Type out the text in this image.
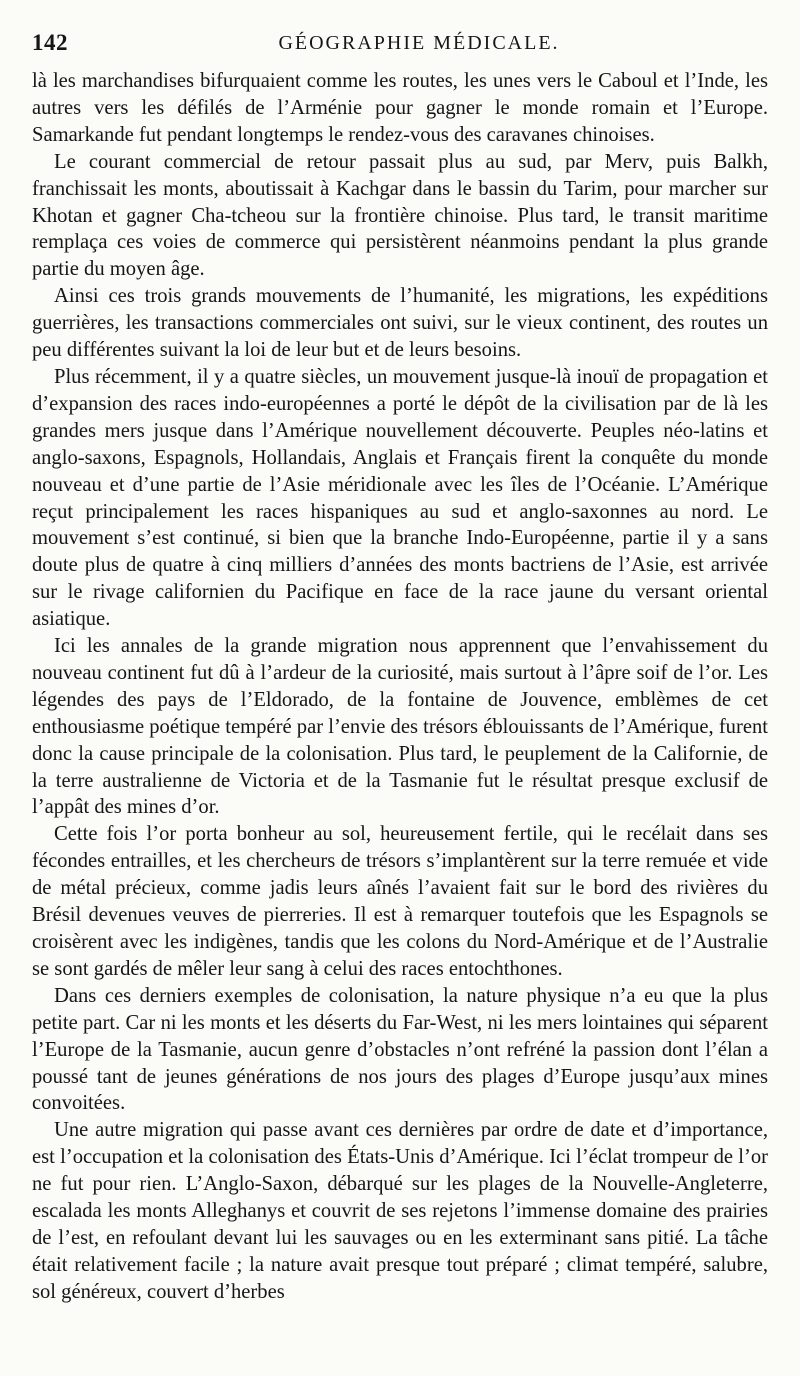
142	GÉOGRAPHIE MÉDICALE.

là les marchandises bifurquaient comme les routes, les unes vers le Caboul et l’Inde, les autres vers les défilés de l’Arménie pour gagner le monde romain et l’Europe. Samarkande fut pendant longtemps le rendez-vous des caravanes chinoises.

Le courant commercial de retour passait plus au sud, par Merv, puis Balkh, franchissait les monts, aboutissait à Kachgar dans le bassin du Tarim, pour marcher sur Khotan et gagner Cha-tcheou sur la frontière chinoise. Plus tard, le transit maritime remplaça ces voies de commerce qui persistèrent néanmoins pendant la plus grande partie du moyen âge.

Ainsi ces trois grands mouvements de l’humanité, les migrations, les expéditions guerrières, les transactions commerciales ont suivi, sur le vieux continent, des routes un peu différentes suivant la loi de leur but et de leurs besoins.

Plus récemment, il y a quatre siècles, un mouvement jusque-là inouï de propagation et d’expansion des races indo-européennes a porté le dépôt de la civilisation par de là les grandes mers jusque dans l’Amérique nouvellement découverte. Peuples néo-latins et anglo-saxons, Espagnols, Hollandais, Anglais et Français firent la conquête du monde nouveau et d’une partie de l’Asie méridionale avec les îles de l’Océanie. L’Amérique reçut principalement les races hispaniques au sud et anglo-saxonnes au nord. Le mouvement s’est continué, si bien que la branche Indo-Européenne, partie il y a sans doute plus de quatre à cinq milliers d’années des monts bactriens de l’Asie, est arrivée sur le rivage californien du Pacifique en face de la race jaune du versant oriental asiatique.

Ici les annales de la grande migration nous apprennent que l’envahissement du nouveau continent fut dû à l’ardeur de la curiosité, mais surtout à l’âpre soif de l’or. Les légendes des pays de l’Eldorado, de la fontaine de Jouvence, emblèmes de cet enthousiasme poétique tempéré par l’envie des trésors éblouissants de l’Amérique, furent donc la cause principale de la colonisation. Plus tard, le peuplement de la Californie, de la terre australienne de Victoria et de la Tasmanie fut le résultat presque exclusif de l’appât des mines d’or.

Cette fois l’or porta bonheur au sol, heureusement fertile, qui le recélait dans ses fécondes entrailles, et les chercheurs de trésors s’implantèrent sur la terre remuée et vide de métal précieux, comme jadis leurs aînés l’avaient fait sur le bord des rivières du Brésil devenues veuves de pierreries. Il est à remarquer toutefois que les Espagnols se croisèrent avec les indigènes, tandis que les colons du Nord-Amérique et de l’Australie se sont gardés de mêler leur sang à celui des races entochthones.

Dans ces derniers exemples de colonisation, la nature physique n’a eu que la plus petite part. Car ni les monts et les déserts du Far-West, ni les mers lointaines qui séparent l’Europe de la Tasmanie, aucun genre d’obstacles n’ont refréné la passion dont l’élan a poussé tant de jeunes générations de nos jours des plages d’Europe jusqu’aux mines convoitées.

Une autre migration qui passe avant ces dernières par ordre de date et d’importance, est l’occupation et la colonisation des États-Unis d’Amérique. Ici l’éclat trompeur de l’or ne fut pour rien. L’Anglo-Saxon, débarqué sur les plages de la Nouvelle-Angleterre, escalada les monts Alleghanys et couvrit de ses rejetons l’immense domaine des prairies de l’est, en refoulant devant lui les sauvages ou en les exterminant sans pitié. La tâche était relativement facile ; la nature avait presque tout préparé ; climat tempéré, salubre, sol généreux, couvert d’herbes
